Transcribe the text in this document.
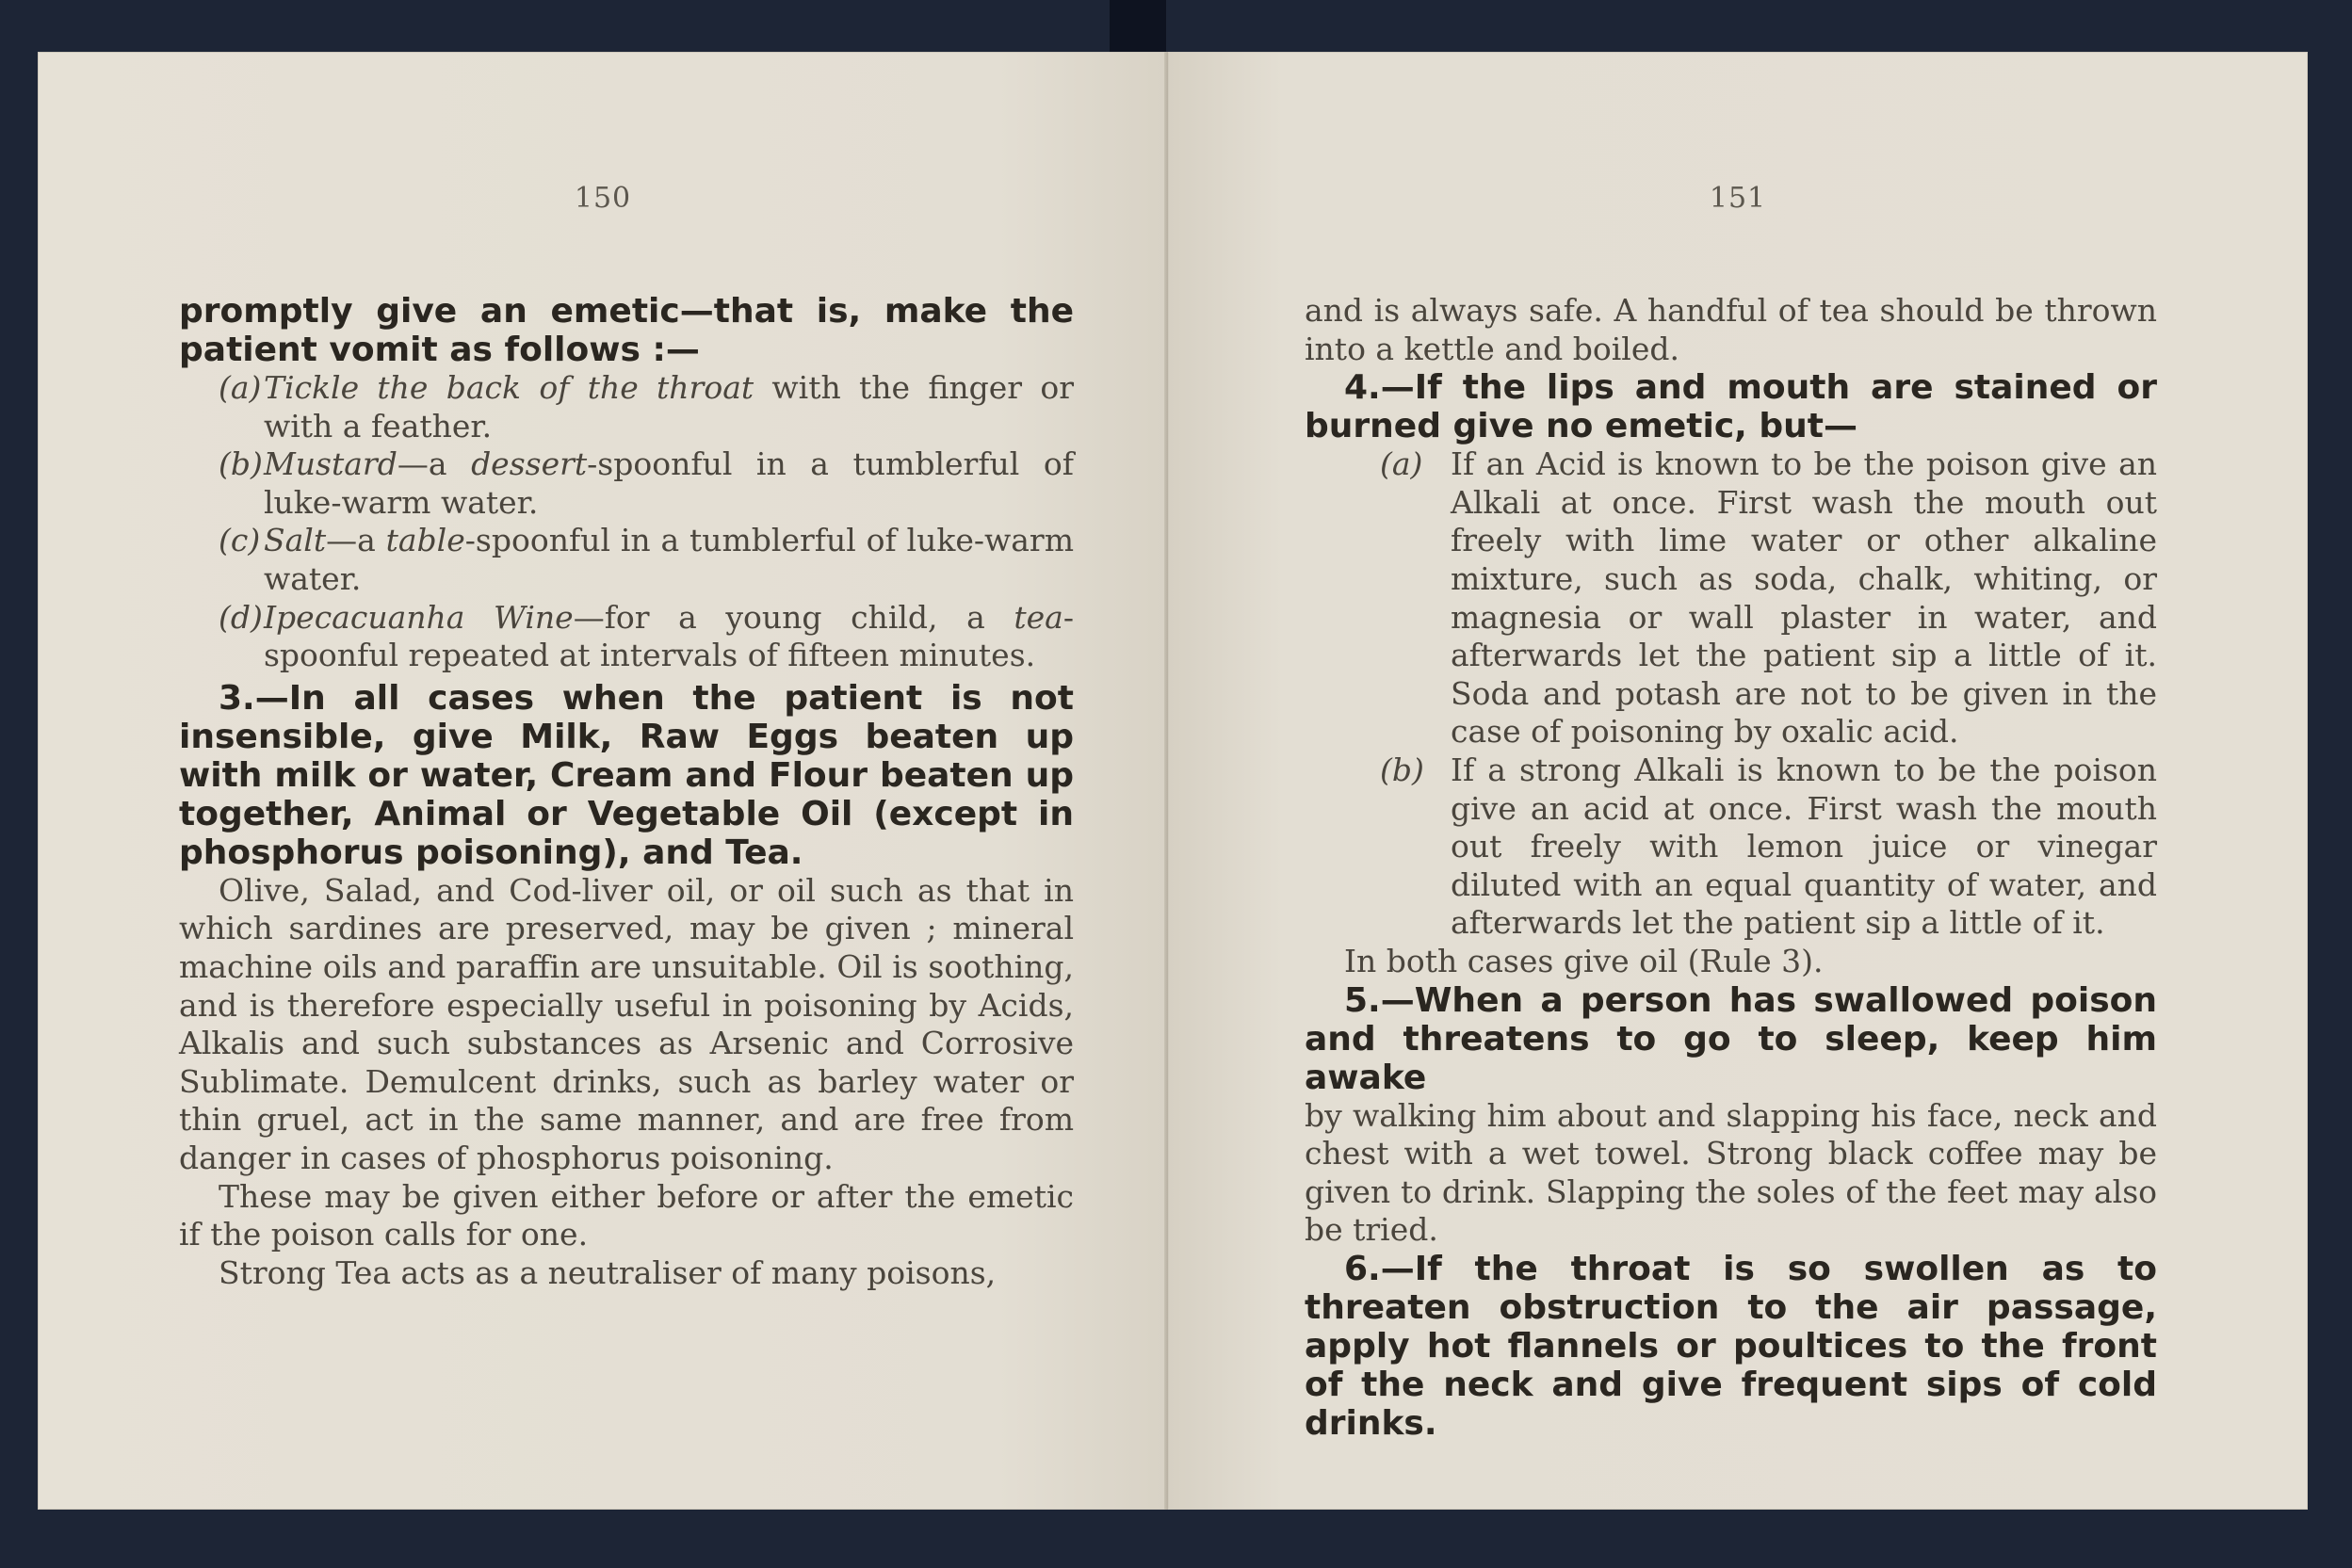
150

promptly give an emetic—that is, make the patient vomit as follows :—

(a) Tickle the back of the throat with the finger or with a feather.

(b) Mustard—a dessert-spoonful in a tumblerful of luke-warm water.

(c) Salt—a table-spoonful in a tumblerful of luke-warm water.

(d) Ipecacuanha Wine—for a young child, a tea-spoonful repeated at intervals of fifteen minutes.

3.—In all cases when the patient is not insensible, give Milk, Raw Eggs beaten up with milk or water, Cream and Flour beaten up together, Animal or Vegetable Oil (except in phosphorus poisoning), and Tea.

Olive, Salad, and Cod-liver oil, or oil such as that in which sardines are preserved, may be given ; mineral machine oils and paraffin are unsuitable. Oil is soothing, and is therefore especially useful in poisoning by Acids, Alkalis and such substances as Arsenic and Corrosive Sublimate. Demulcent drinks, such as barley water or thin gruel, act in the same manner, and are free from danger in cases of phosphorus poisoning.

These may be given either before or after the emetic if the poison calls for one.

Strong Tea acts as a neutraliser of many poisons,

151

and is always safe. A handful of tea should be thrown into a kettle and boiled.

4.—If the lips and mouth are stained or burned give no emetic, but—

(a) If an Acid is known to be the poison give an Alkali at once. First wash the mouth out freely with lime water or other alkaline mixture, such as soda, chalk, whiting, or magnesia or wall plaster in water, and afterwards let the patient sip a little of it. Soda and potash are not to be given in the case of poisoning by oxalic acid.

(b) If a strong Alkali is known to be the poison give an acid at once. First wash the mouth out freely with lemon juice or vinegar diluted with an equal quantity of water, and afterwards let the patient sip a little of it.

In both cases give oil (Rule 3).

5.—When a person has swallowed poison and threatens to go to sleep, keep him awake

by walking him about and slapping his face, neck and chest with a wet towel. Strong black coffee may be given to drink. Slapping the soles of the feet may also be tried.

6.—If the throat is so swollen as to threaten obstruction to the air passage, apply hot flannels or poultices to the front of the neck and give frequent sips of cold drinks.
